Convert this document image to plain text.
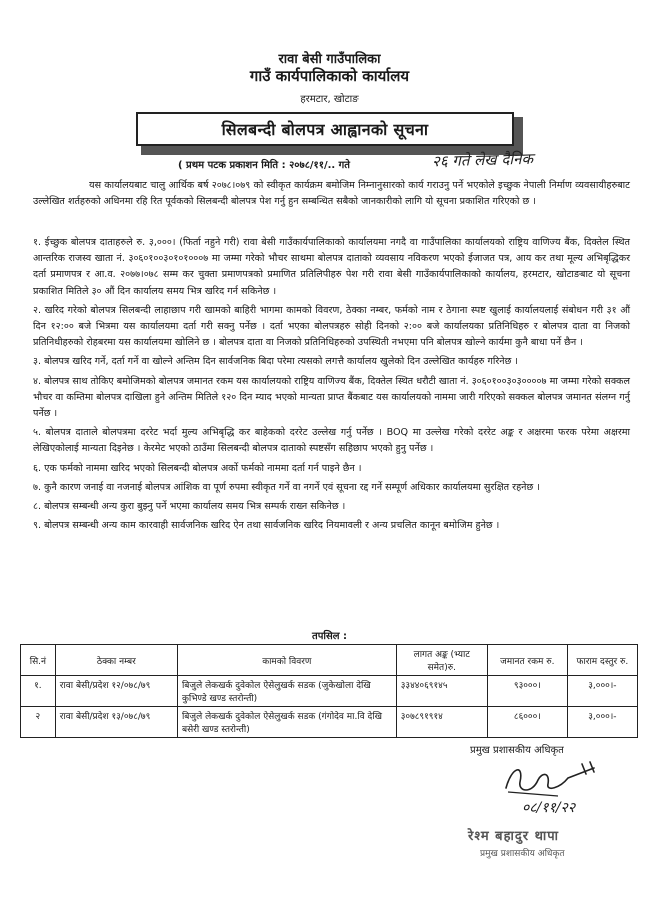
रावा बेसी गाउँपालिका
गाउँ कार्यपालिकाको कार्यालय
हरमटार, खोटाङ
सिलबन्दी बोलपत्र आह्वानको सूचना
( प्रथम पटक प्रकाशन मिति : २०७८/११/.. गते	२६ गते लेख दैनिक
यस कार्यालयबाट चालु आर्थिक बर्ष २०७८।०७९ को स्वीकृत कार्यक्रम बमोजिम निम्नानुसारको कार्य गराउनु पर्ने भएकोले इच्छुक नेपाली निर्माण व्यवसायीहरुबाट उल्लेखित शर्तहरुको अधिनमा रहि रित पूर्वकको सिलबन्दी बोलपत्र पेश गर्नु हुन सम्बन्धित सबैको जानकारीको लागि यो सूचना प्रकाशित गरिएको छ ।
१. ईच्छुक बोलपत्र दाताहरुले रु. ३,०००। (फिर्ता नहुने गरी) रावा बेसी गाउँकार्यपालिकाको कार्यालयमा नगदै वा गाउँपालिका कार्यालयको राष्ट्रिय वाणिज्य बैंक, दिक्तेल स्थित आन्तरिक राजस्व खाता नं. ३०६०१००३०१०१०००७ मा जम्मा गरेको भौचर साथमा बोलपत्र दाताको व्यवसाय नविकरण भएको ईजाजत पत्र, आय कर तथा मूल्य अभिबृद्धिकर दर्ता प्रमाणपत्र र आ.व. २०७७।०७८ सम्म कर चुक्ता प्रमाणपत्रको प्रमाणित प्रतिलिपीहरु पेश गरी रावा बेसी गाउँकार्यपालिकाको कार्यालय, हरमटार, खोटाङबाट यो सूचना प्रकाशित मितिले ३० औं दिन कार्यालय समय भित्र खरिद गर्न सकिनेछ ।
२. खरिद गरेको बोलपत्र सिलबन्दी लाहाछाप गरी खामको बाहिरी भागमा कामको विवरण, ठेक्का नम्बर, फर्मको नाम र ठेगाना स्पष्ट खुलाई कार्यालयलाई संबोधन गरी ३१ औं दिन १२:०० बजे भित्रमा यस कार्यालयमा दर्ता गरी सक्नु पर्नेछ । दर्ता भएका बोलपत्रहरु सोही दिनको २:०० बजे कार्यालयका प्रतिनिधिहरु र बोलपत्र दाता वा निजको प्रतिनिधीहरुको रोहबरमा यस कार्यालयमा खोलिने छ । बोलपत्र दाता वा निजको प्रतिनिधिहरुको उपस्थिती नभएमा पनि बोलपत्र खोल्ने कार्यमा कुनै बाधा पर्ने छैन ।
३. बोलपत्र खरिद गर्ने, दर्ता गर्ने वा खोल्ने अन्तिम दिन सार्वजनिक बिदा परेमा त्यसको लगत्तै कार्यालय खुलेको दिन उल्लेखित कार्यहरु गरिनेछ ।
४. बोलपत्र साथ तोकिए बमोजिमको बोलपत्र जमानत रकम यस कार्यालयको राष्ट्रिय वाणिज्य बैंक, दिक्तेल स्थित धरौटी खाता नं. ३०६०१००३०३००००७ मा जम्मा गरेको सक्कल भौचर वा कम्तिमा बोलपत्र दाखिला हुने अन्तिम मितिले १२० दिन म्याद भएको मान्यता प्राप्त बैंकबाट यस कार्यालयको नाममा जारी गरिएको सक्कल बोलपत्र जमानत संलग्न गर्नु पर्नेछ ।
५. बोलपत्र दाताले बोलपत्रमा दररेट भर्दा मुल्य अभिबृद्धि कर बाहेकको दररेट उल्लेख गर्नु पर्नेछ । BOQ मा उल्लेख गरेको दररेट अङ्क र अक्षरमा फरक परेमा अक्षरमा लेखिएकोलाई मान्यता दिइनेछ । केरमेट भएको ठाउँमा सिलबन्दी बोलपत्र दाताको स्पष्टसँग सहिछाप भएको हुनु पर्नेछ ।
६. एक फर्मको नाममा खरिद भएको सिलबन्दी बोलपत्र अर्को फर्मको नाममा दर्ता गर्न पाइने छैन ।
७. कुनै कारण जनाई वा नजनाई बोलपत्र आंशिक वा पूर्ण रुपमा स्वीकृत गर्ने वा नगर्ने एवं सूचना रद्द गर्ने सम्पूर्ण अधिकार कार्यालयमा सुरक्षित रहनेछ ।
८. बोलपत्र सम्बन्धी अन्य कुरा बुझ्नु पर्ने भएमा कार्यालय समय भित्र सम्पर्क राख्न सकिनेछ ।
९. बोलपत्र सम्बन्धी अन्य काम कारवाही सार्वजनिक खरिद ऐन तथा सार्वजनिक खरिद नियमावली र अन्य प्रचलित कानून बमोजिम हुनेछ ।
तपसिल :
सि.नं	ठेक्का नम्बर	कामको विवरण	लागत अङ्क (भ्याट समेत)रु.	जमानत रकम रु.	फाराम दस्तुर रु.
१.	रावा बेसी/प्रदेश १२/०७८/७९	बिजुले लेकखर्क दुवेकोल ऐसेलुखर्क सडक (जुकेखोला देखि कुभिण्डे खण्ड स्तरोन्ती)	३३४४०६९१४५	९३०००।	३,०००।-
२	रावा बेसी/प्रदेश १३/०७८/७९	बिजुले लेकखर्क दुवेकोल ऐसेलुखर्क सडक (गंगोदेव मा.वि देखि बसेरी खण्ड स्तरोन्ती)	३०७८९१९१४	८६०००।	३,०००।-
प्रमुख प्रशासकीय अधिकृत
०८/११/२२
रेश्म बहादुर थापा
प्रमुख प्रशासकीय अधिकृत
